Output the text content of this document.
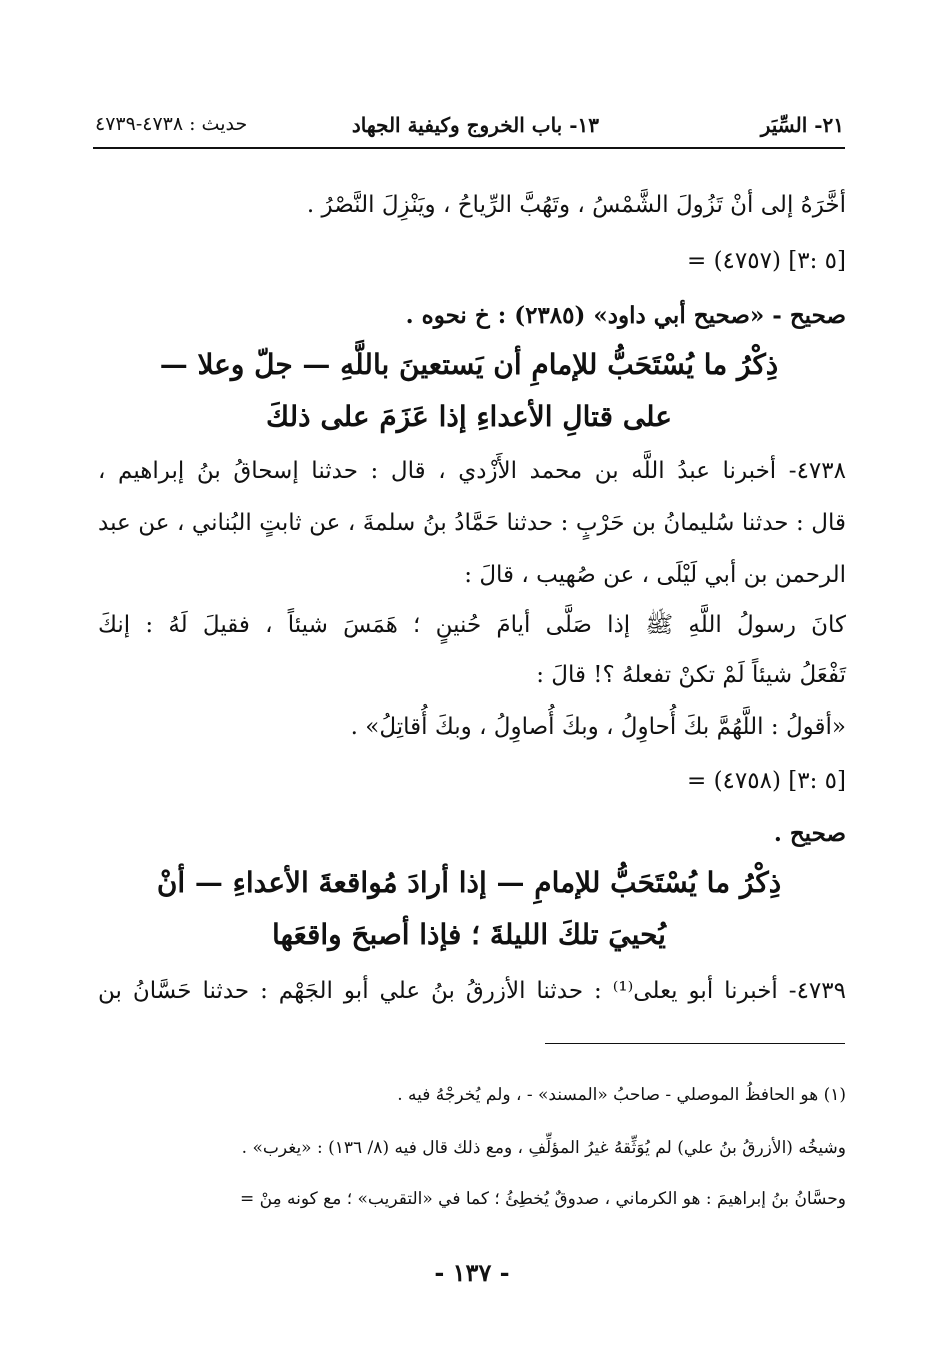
٢١- السِّيَر
١٣- باب الخروج وكيفية الجهاد
حديث : ٤٧٣٨-٤٧٣٩
أخَّرَهُ إلى أنْ تَزُولَ الشَّمْسُ ، وتَهُبَّ الرِّياحُ ، ويَنْزِلَ النَّصْرُ .
= (٤٧٥٧) [٥ :٣]
صحيح - «صحيح أبي داود» (٢٣٨٥) : خ نحوه .
ذِكْرُ ما يُسْتَحَبُّ للإمامِ أن يَستعينَ باللَّهِ — جلّ وعلا —
على قتالِ الأعداءِ إذا عَزَمَ على ذلكَ
٤٧٣٨- أخبرنا عبدُ اللَّه بن محمد الأَزْدي ، قال : حدثنا إسحاقُ بنُ إبراهيم ،
قال : حدثنا سُليمانُ بن حَرْبٍ : حدثنا حَمَّادُ بنُ سلمةَ ، عن ثابتٍ البُناني ، عن عبد
الرحمن بن أبي لَيْلَى ، عن صُهيب ، قالَ :
كانَ رسولُ اللَّهِ ﷺ إذا صَلَّى أيامَ حُنينٍ ؛ هَمَسَ شيئاً ، فقيلَ لَهُ : إنكَ
تَفْعَلُ شيئاً لَمْ تكنْ تفعلهُ ؟! قالَ :
«أقولُ : اللَّهُمَّ بكَ أُحاوِلُ ، وبكَ أُصاوِلُ ، وبكَ أُقاتِلُ» .
= (٤٧٥٨) [٥ :٣]
صحيح .
ذِكْرُ ما يُسْتَحَبُّ للإمامِ — إذا أرادَ مُواقعةَ الأعداءِ — أنْ
يُحييَ تلكَ الليلةَ ؛ فإذا أصبحَ واقعَها
٤٧٣٩- أخبرنا أبو يعلى⁽¹⁾ : حدثنا الأزرقُ بنُ علي أبو الجَهْم : حدثنا حَسَّانُ بن
(١) هو الحافظُ الموصلي - صاحبُ «المسند» - ، ولم يُخرجْهُ فيه .
وشيخُه (الأزرقُ بنُ علي) لم يُوَثِّقهُ غيرُ المؤلِّفِ ، ومع ذلك قال فيه (٨/ ١٣٦) : «يغرب» .
وحسَّانُ بنُ إبراهيمَ : هو الكرماني ، صدوقٌ يُخطِئُ ؛ كما في «التقريب» ؛ مع كونه مِنْ =
- ١٣٧ -
